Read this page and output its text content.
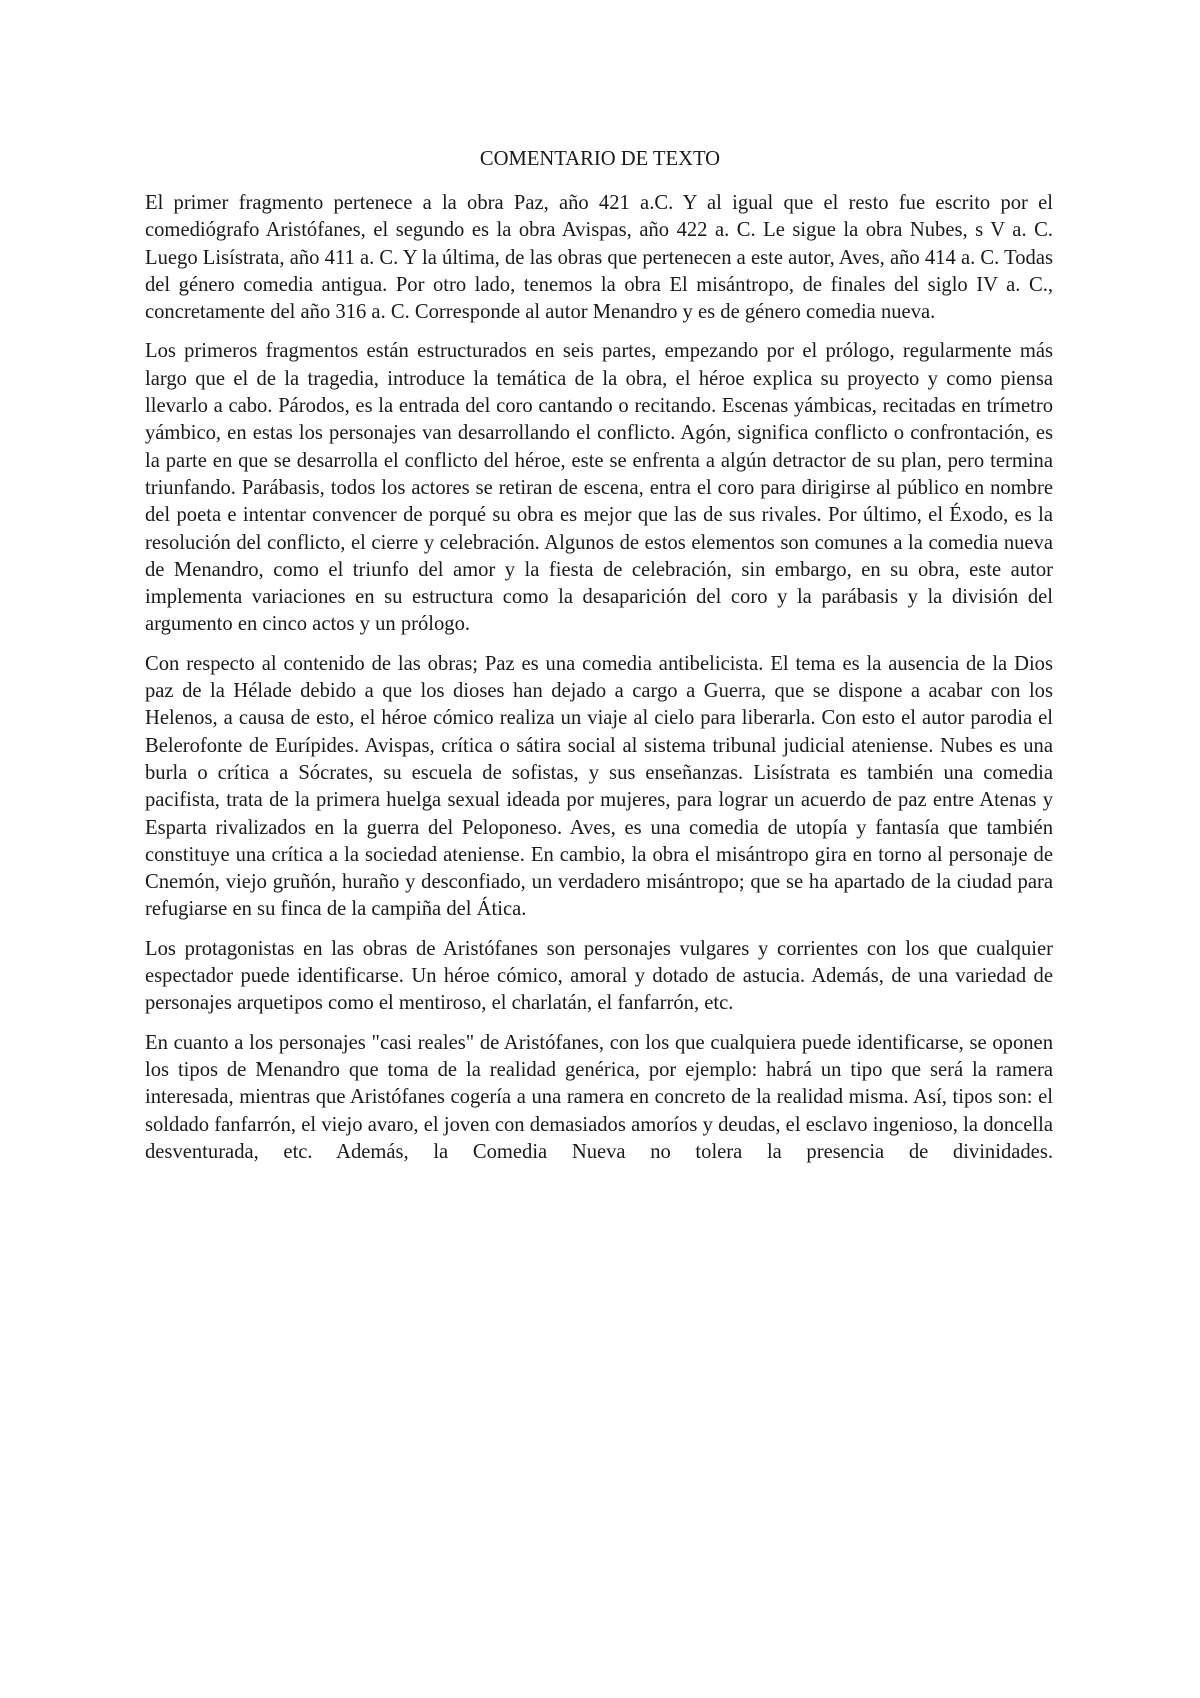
COMENTARIO DE TEXTO

El primer fragmento pertenece a la obra Paz, año 421 a.C. Y al igual que el resto fue escrito por el comediógrafo Aristófanes, el segundo es la obra Avispas, año 422 a. C. Le sigue la obra Nubes, s V a. C. Luego Lisístrata, año 411 a. C. Y la última, de las obras que pertenecen a este autor, Aves, año 414 a. C. Todas del género comedia antigua. Por otro lado, tenemos la obra El misántropo, de finales del siglo IV a. C., concretamente del año 316 a. C. Corresponde al autor Menandro y es de género comedia nueva.

Los primeros fragmentos están estructurados en seis partes, empezando por el prólogo, regularmente más largo que el de la tragedia, introduce la temática de la obra, el héroe explica su proyecto y como piensa llevarlo a cabo. Párodos, es la entrada del coro cantando o recitando. Escenas yámbicas, recitadas en trímetro yámbico, en estas los personajes van desarrollando el conflicto. Agón, significa conflicto o confrontación, es la parte en que se desarrolla el conflicto del héroe, este se enfrenta a algún detractor de su plan, pero termina triunfando. Parábasis, todos los actores se retiran de escena, entra el coro para dirigirse al público en nombre del poeta e intentar convencer de porqué su obra es mejor que las de sus rivales. Por último, el Éxodo, es la resolución del conflicto, el cierre y celebración. Algunos de estos elementos son comunes a la comedia nueva de Menandro, como el triunfo del amor y la fiesta de celebración, sin embargo, en su obra, este autor implementa variaciones en su estructura como la desaparición del coro y la parábasis y la división del argumento en cinco actos y un prólogo.

Con respecto al contenido de las obras; Paz es una comedia antibelicista. El tema es la ausencia de la Dios paz de la Hélade debido a que los dioses han dejado a cargo a Guerra, que se dispone a acabar con los Helenos, a causa de esto, el héroe cómico realiza un viaje al cielo para liberarla. Con esto el autor parodia el Belerofonte de Eurípides. Avispas, crítica o sátira social al sistema tribunal judicial ateniense. Nubes es una burla o crítica a Sócrates, su escuela de sofistas, y sus enseñanzas. Lisístrata es también una comedia pacifista, trata de la primera huelga sexual ideada por mujeres, para lograr un acuerdo de paz entre Atenas y Esparta rivalizados en la guerra del Peloponeso. Aves, es una comedia de utopía y fantasía que también constituye una crítica a la sociedad ateniense. En cambio, la obra el misántropo gira en torno al personaje de Cnemón, viejo gruñón, huraño y desconfiado, un verdadero misántropo; que se ha apartado de la ciudad para refugiarse en su finca de la campiña del Ática.

Los protagonistas en las obras de Aristófanes son personajes vulgares y corrientes con los que cualquier espectador puede identificarse. Un héroe cómico, amoral y dotado de astucia. Además, de una variedad de personajes arquetipos como el mentiroso, el charlatán, el fanfarrón, etc.

En cuanto a los personajes "casi reales" de Aristófanes, con los que cualquiera puede identificarse, se oponen los tipos de Menandro que toma de la realidad genérica, por ejemplo: habrá un tipo que será la ramera interesada, mientras que Aristófanes cogería a una ramera en concreto de la realidad misma. Así, tipos son: el soldado fanfarrón, el viejo avaro, el joven con demasiados amoríos y deudas, el esclavo ingenioso, la doncella desventurada, etc. Además, la Comedia Nueva no tolera la presencia de divinidades.
